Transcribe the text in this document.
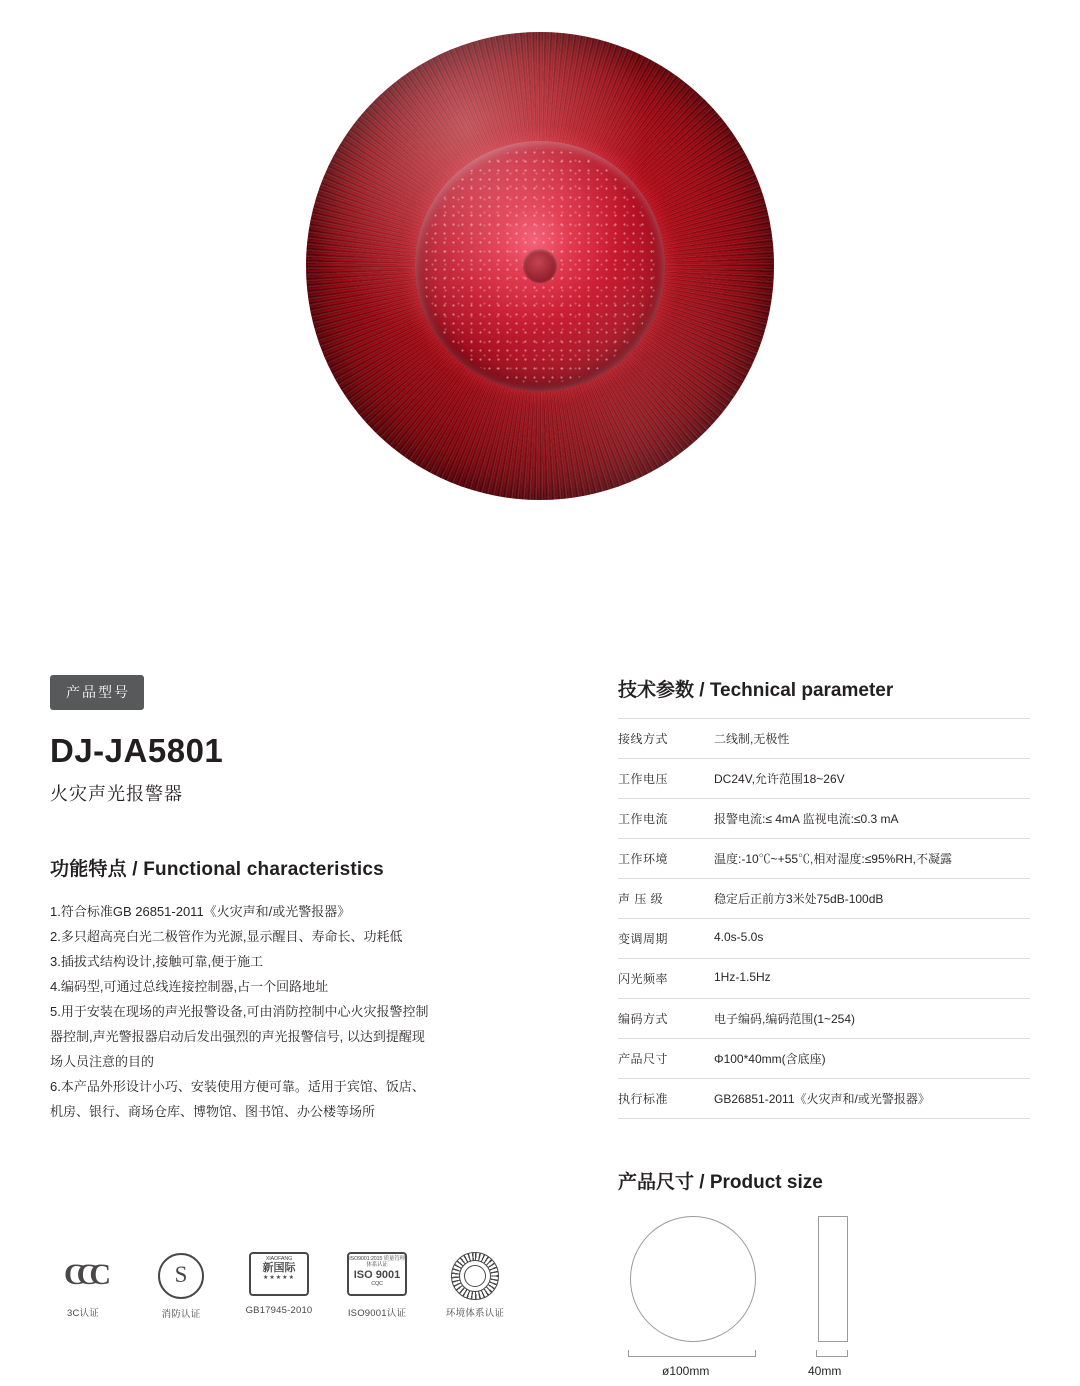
产品型号
DJ-JA5801
火灾声光报警器
功能特点 / Functional characteristics

1.符合标准GB 26851-2011《火灾声和/或光警报器》

2.多只超高亮白光二极管作为光源,显示醒目、寿命长、功耗低

3.插拔式结构设计,接触可靠,便于施工

4.编码型,可通过总线连接控制器,占一个回路地址

5.用于安装在现场的声光报警设备,可由消防控制中心火灾报警控制

器控制,声光警报器启动后发出强烈的声光报警信号, 以达到提醒现

场人员注意的目的

6.本产品外形设计小巧、安装使用方便可靠。适用于宾馆、饭店、

机房、银行、商场仓库、博物馆、图书馆、办公楼等场所

技术参数 / Technical parameter
接线方式	二线制,无极性
工作电压	DC24V,允许范围18~26V
工作电流	报警电流:≤ 4mA 监视电流:≤0.3 mA
工作环境	温度:-10℃~+55℃,相对湿度:≤95%RH,不凝露
声 压 级	稳定后正前方3米处75dB-100dB
变调周期	4.0s-5.0s
闪光频率	1Hz-1.5Hz
编码方式	电子编码,编码范围(1~254)
产品尺寸	Φ100*40mm(含底座)
执行标准	GB26851-2011《火灾声和/或光警报器》
产品尺寸 / Product size
ø100mm	40mm
CCC
3C认证
S
消防认证
XIAOFANG
新国际
★★★★★
GB17945-2010
ISO9001:2015 质量管理体系认证
ISO 9001
CQC
ISO9001认证	环境体系认证
